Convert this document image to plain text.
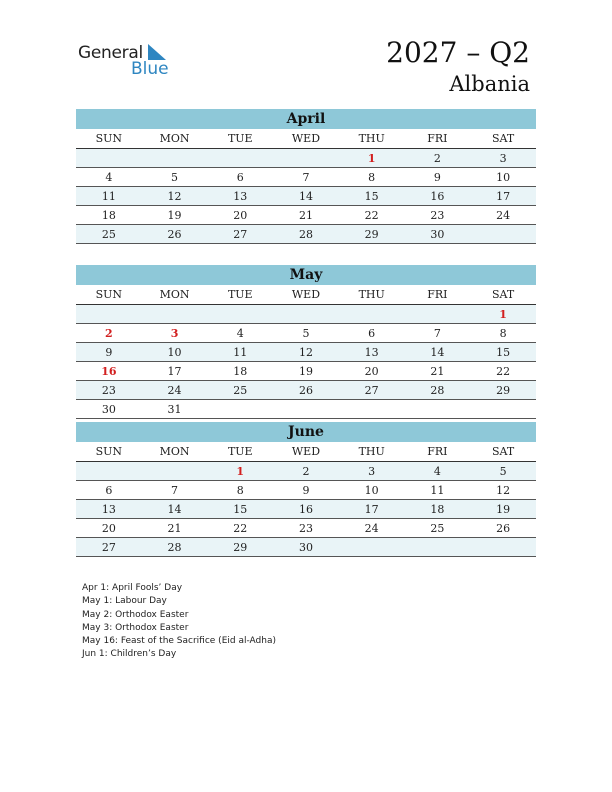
General
Blue	2027 – Q2
Albania
April
SUN	MON	TUE	WED	THU	FRI	SAT
				1	2	3
4	5	6	7	8	9	10
11	12	13	14	15	16	17
18	19	20	21	22	23	24
25	26	27	28	29	30	
May
SUN	MON	TUE	WED	THU	FRI	SAT
						1
2	3	4	5	6	7	8
9	10	11	12	13	14	15
16	17	18	19	20	21	22
23	24	25	26	27	28	29
30	31					
June
SUN	MON	TUE	WED	THU	FRI	SAT
		1	2	3	4	5
6	7	8	9	10	11	12
13	14	15	16	17	18	19
20	21	22	23	24	25	26
27	28	29	30			
Apr 1: April Fools’ Day
May 1: Labour Day
May 2: Orthodox Easter
May 3: Orthodox Easter
May 16: Feast of the Sacrifice (Eid al-Adha)
Jun 1: Children’s Day
